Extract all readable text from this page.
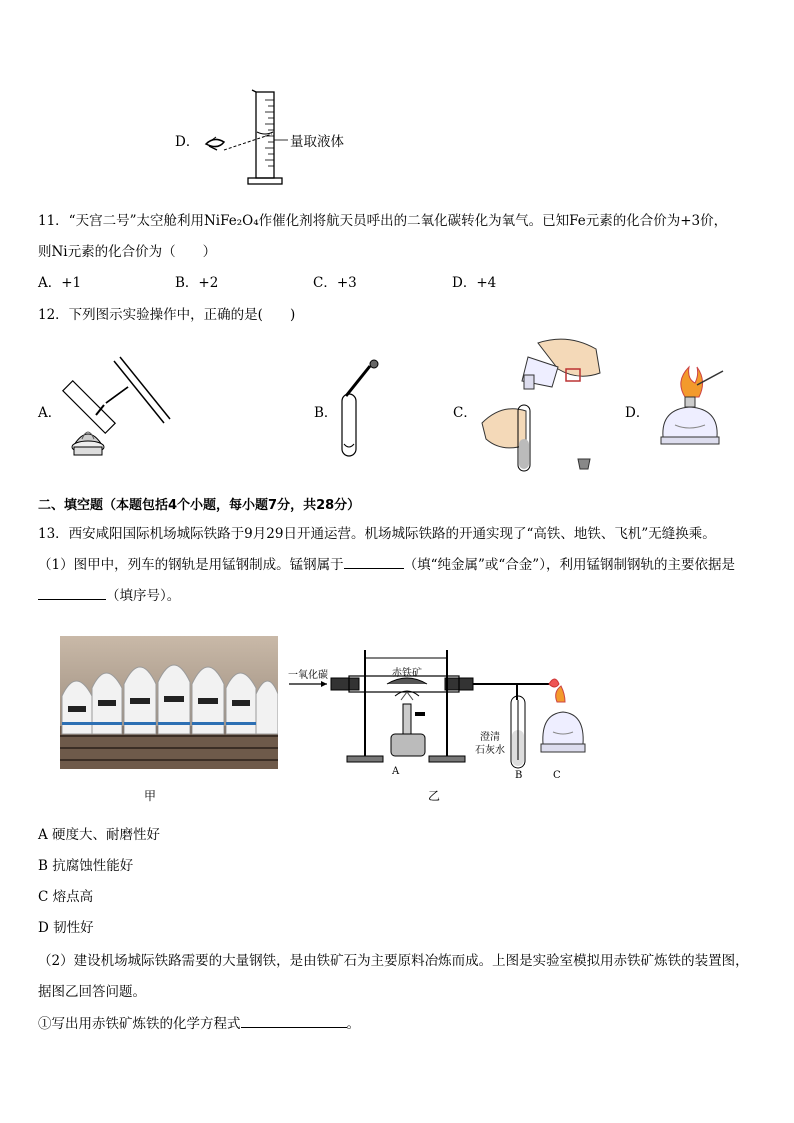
D．	量取液体
11．“天宫二号”太空舱利用NiFe₂O₄作催化剂将航天员呼出的二氧化碳转化为氧气。已知Fe元素的化合价为+3价，
则Ni元素的化合价为（　　）
A．+1	B．+2	C．+3	D．+4
12．下列图示实验操作中，正确的是(　　)
A．	B．	C．	D．
二、填空题（本题包括4个小题，每小题7分，共28分）
13．西安咸阳国际机场城际铁路于9月29日开通运营。机场城际铁路的开通实现了“高铁、地铁、飞机”无缝换乘。
（1）图甲中，列车的钢轨是用锰钢制成。锰钢属于	（填“纯金属”或“合金”），利用锰钢制钢轨的主要依据是
（填序号）。
甲
一氧化碳	赤铁矿
澄清
石灰水
A	B	C
乙
A 硬度大、耐磨性好
B 抗腐蚀性能好
C 熔点高
D 韧性好
（2）建设机场城际铁路需要的大量钢铁，是由铁矿石为主要原料冶炼而成。上图是实验室模拟用赤铁矿炼铁的装置图，
据图乙回答问题。
①写出用赤铁矿炼铁的化学方程式	。
